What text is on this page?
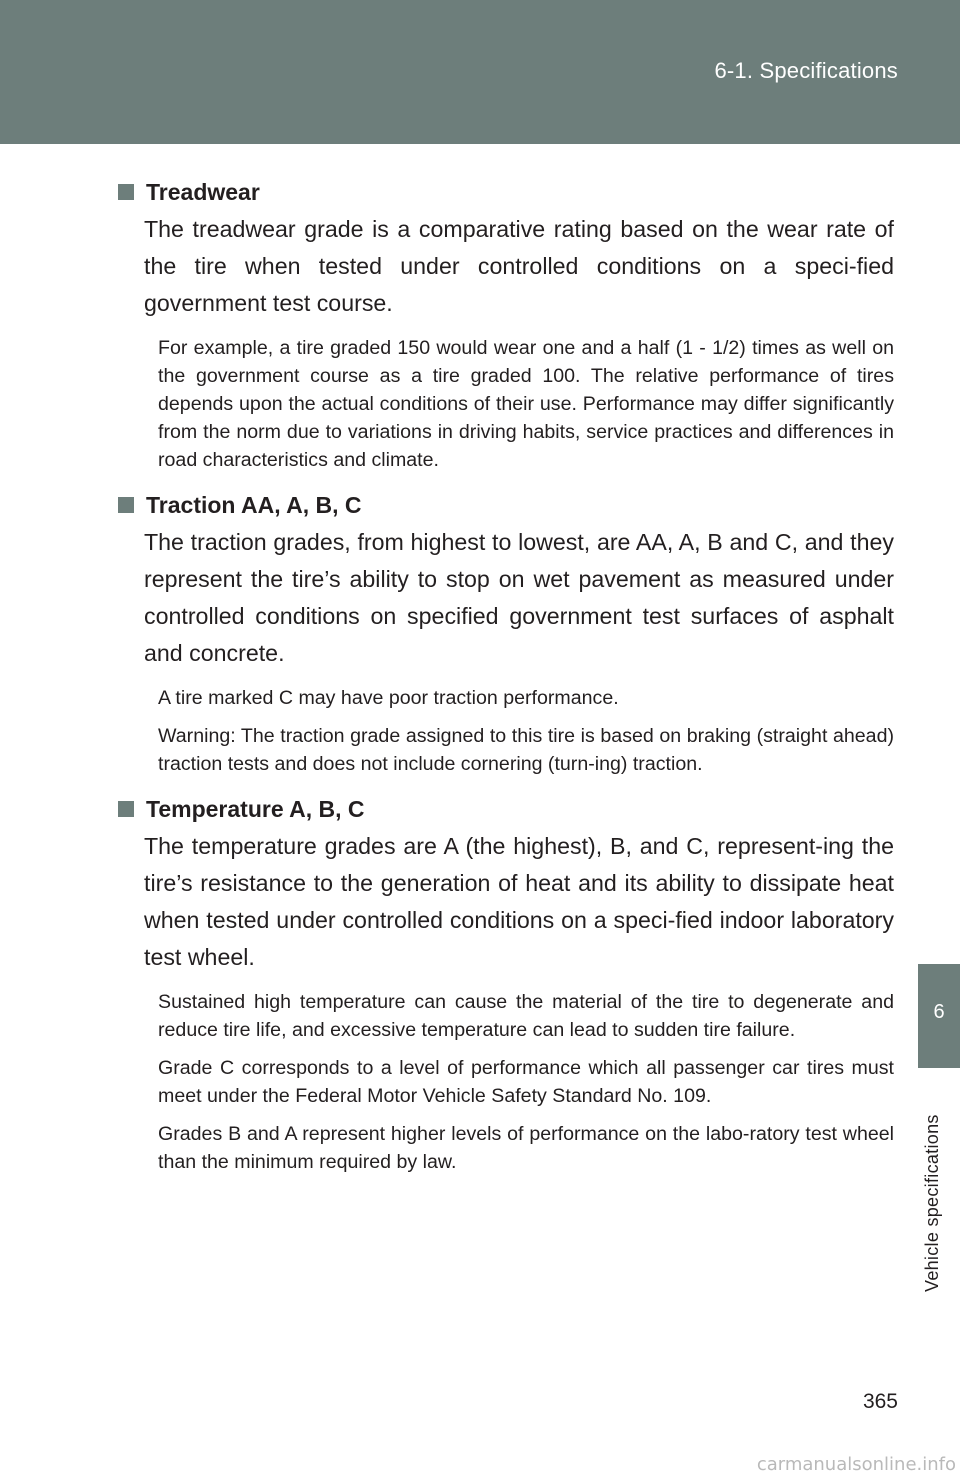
6-1. Specifications
6
Vehicle specifications
Treadwear
The treadwear grade is a comparative rating based on the wear rate of the tire when tested under controlled conditions on a speci-fied government test course.
For example, a tire graded 150 would wear one and a half (1 - 1/2) times as well on the government course as a tire graded 100. The relative performance of tires depends upon the actual conditions of their use. Performance may differ significantly from the norm due to variations in driving habits, service practices and differences in road characteristics and climate.
Traction AA, A, B, C
The traction grades, from highest to lowest, are AA, A, B and C, and they represent the tire’s ability to stop on wet pavement as measured under controlled conditions on specified government test surfaces of asphalt and concrete.
A tire marked C may have poor traction performance.
Warning: The traction grade assigned to this tire is based on braking (straight ahead) traction tests and does not include cornering (turn-ing) traction.
Temperature A, B, C
The temperature grades are A (the highest), B, and C, represent-ing the tire’s resistance to the generation of heat and its ability to dissipate heat when tested under controlled conditions on a speci-fied indoor laboratory test wheel.
Sustained high temperature can cause the material of the tire to degenerate and reduce tire life, and excessive temperature can lead to sudden tire failure.
Grade C corresponds to a level of performance which all passenger car tires must meet under the Federal Motor Vehicle Safety Standard No. 109.
Grades B and A represent higher levels of performance on the labo-ratory test wheel than the minimum required by law.
365
carmanualsonline.info
